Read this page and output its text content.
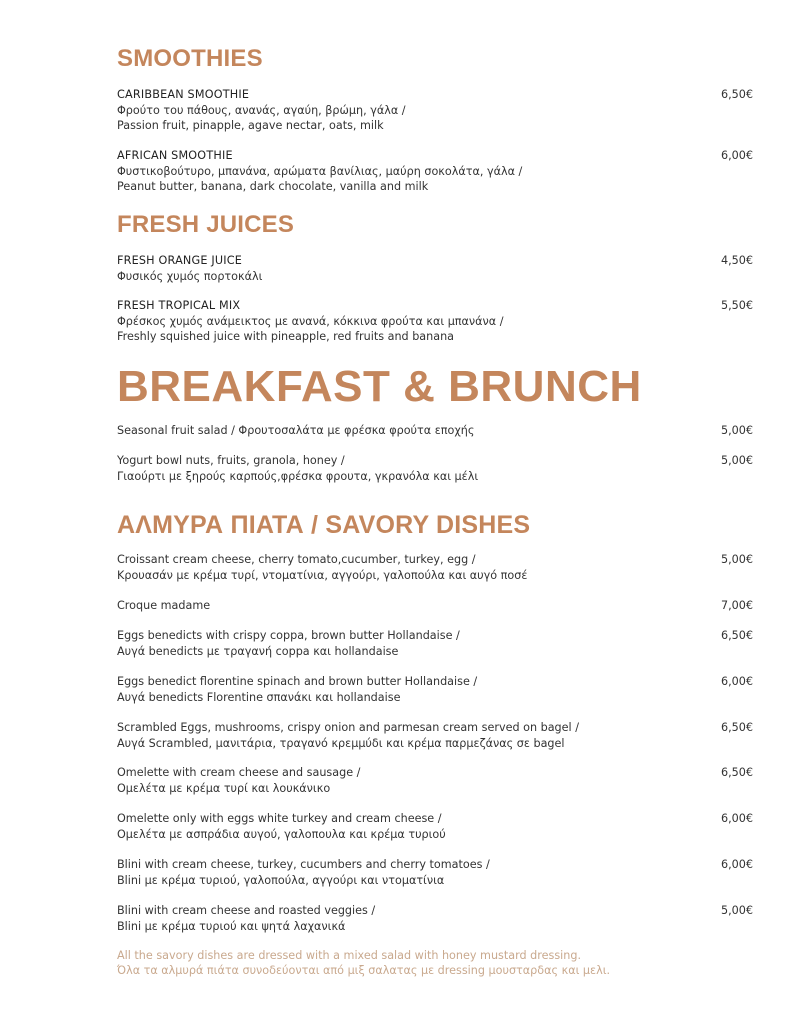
SMOOTHIES
CARIBBEAN SMOOTHIE
Φρούτο του πάθους, ανανάς, αγαύη, βρώμη, γάλα /
Passion fruit, pinapple, agave nectar, oats, milk
6,50€
AFRICAN SMOOTHIE
Φυστικοβούτυρο, μπανάνα, αρώματα βανίλιας, μαύρη σοκολάτα, γάλα /
Peanut butter, banana, dark chocolate, vanilla and milk
6,00€
FRESH JUICES
FRESH ORANGE JUICE
Φυσικός χυμός πορτοκάλι
4,50€
FRESH TROPICAL MIX
Φρέσκος χυμός ανάμεικτος με ανανά, κόκκινα φρούτα και μπανάνα /
Freshly squished juice with pineapple, red fruits and banana
5,50€
BREAKFAST & BRUNCH
Seasonal fruit salad / Φρουτοσαλάτα με φρέσκα φρούτα εποχής	5,00€
Yogurt bowl nuts, fruits, granola, honey /
Γιαούρτι με ξηρούς καρπούς,φρέσκα φρουτα, γκρανόλα και μέλι
5,00€
ΑΛΜΥΡΑ ΠΙΑΤΑ / SAVORY DISHES
Croissant cream cheese, cherry tomato,cucumber, turkey, egg /
Κρουασάν με κρέμα τυρί, ντοματίνια, αγγούρι, γαλοπούλα και αυγό ποσέ
5,00€
Croque madame	7,00€
Eggs benedicts with crispy coppa, brown butter Hollandaise /
Αυγά benedicts με τραγανή coppa και hollandaise
6,50€
Eggs benedict florentine spinach and brown butter Hollandaise /
Αυγά benedicts Florentine σπανάκι και hollandaise
6,00€
Scrambled Eggs, mushrooms, crispy onion and parmesan cream served on bagel /
Αυγά Scrambled, μανιτάρια, τραγανό κρεμμύδι και κρέμα παρμεζάνας σε bagel
6,50€
Omelette with cream cheese and sausage /
Ομελέτα με κρέμα τυρί και λουκάνικο
6,50€
Omelette only with eggs white turkey and cream cheese /
Ομελέτα με ασπράδια αυγού, γαλοπουλα και κρέμα τυριού
6,00€
Blini with cream cheese, turkey, cucumbers and cherry tomatoes /
Blini με κρέμα τυριού, γαλοπούλα, αγγούρι και ντοματίνια
6,00€
Blini with cream cheese and roasted veggies /
Blini με κρέμα τυριού και ψητά λαχανικά
5,00€
All the savory dishes are dressed with a mixed salad with honey mustard dressing.
Όλα τα αλμυρά πιάτα συνοδεύονται από μιξ σαλατας με dressing μουσταρδας και μελι.
